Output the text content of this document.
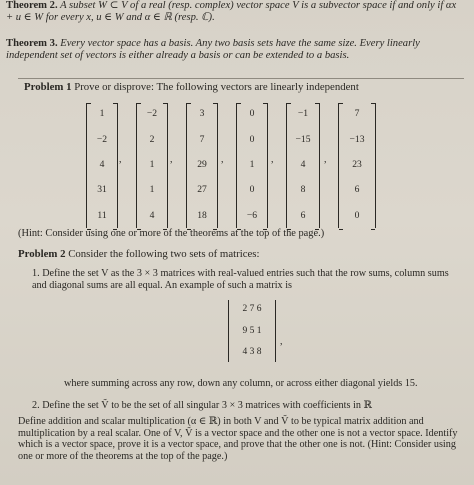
Theorem 2. A subset W ⊂ V of a real (resp. complex) vector space V is a subvector space if and only if αx + u ∈ W for every x, u ∈ W and α ∈ ℝ (resp. ℂ).
Theorem 3. Every vector space has a basis. Any two basis sets have the same size. Every linearly independent set of vectors is either already a basis or can be extended to a basis.
Problem 1 Prove or disprove: The following vectors are linearly independent
1
−2
4
31
11
,
−2
2
1
1
4
,
3
7
29
27
18
,
0
0
1
0
−6
,
−1
−15
4
8
6
,
7
−13
23
6
0
(Hint: Consider using one or more of the theorems at the top of the page.)
Problem 2 Consider the following two sets of matrices:
1. Define the set V as the 3 × 3 matrices with real-valued entries such that the row sums, column sums and diagonal sums are all equal. An example of such a matrix is
2 7 6
9 5 1
4 3 8
,
where summing across any row, down any column, or across either diagonal yields 15.
2. Define the set Ṽ to be the set of all singular 3 × 3 matrices with coefficients in ℝ
Define addition and scalar multiplication (α ∈ ℝ) in both V and Ṽ to be typical matrix addition and multiplication by a real scalar. One of V, Ṽ is a vector space and the other one is not a vector space. Identify which is a vector space, prove it is a vector space, and prove that the other one is not. (Hint: Consider using one or more of the theorems at the top of the page.)
